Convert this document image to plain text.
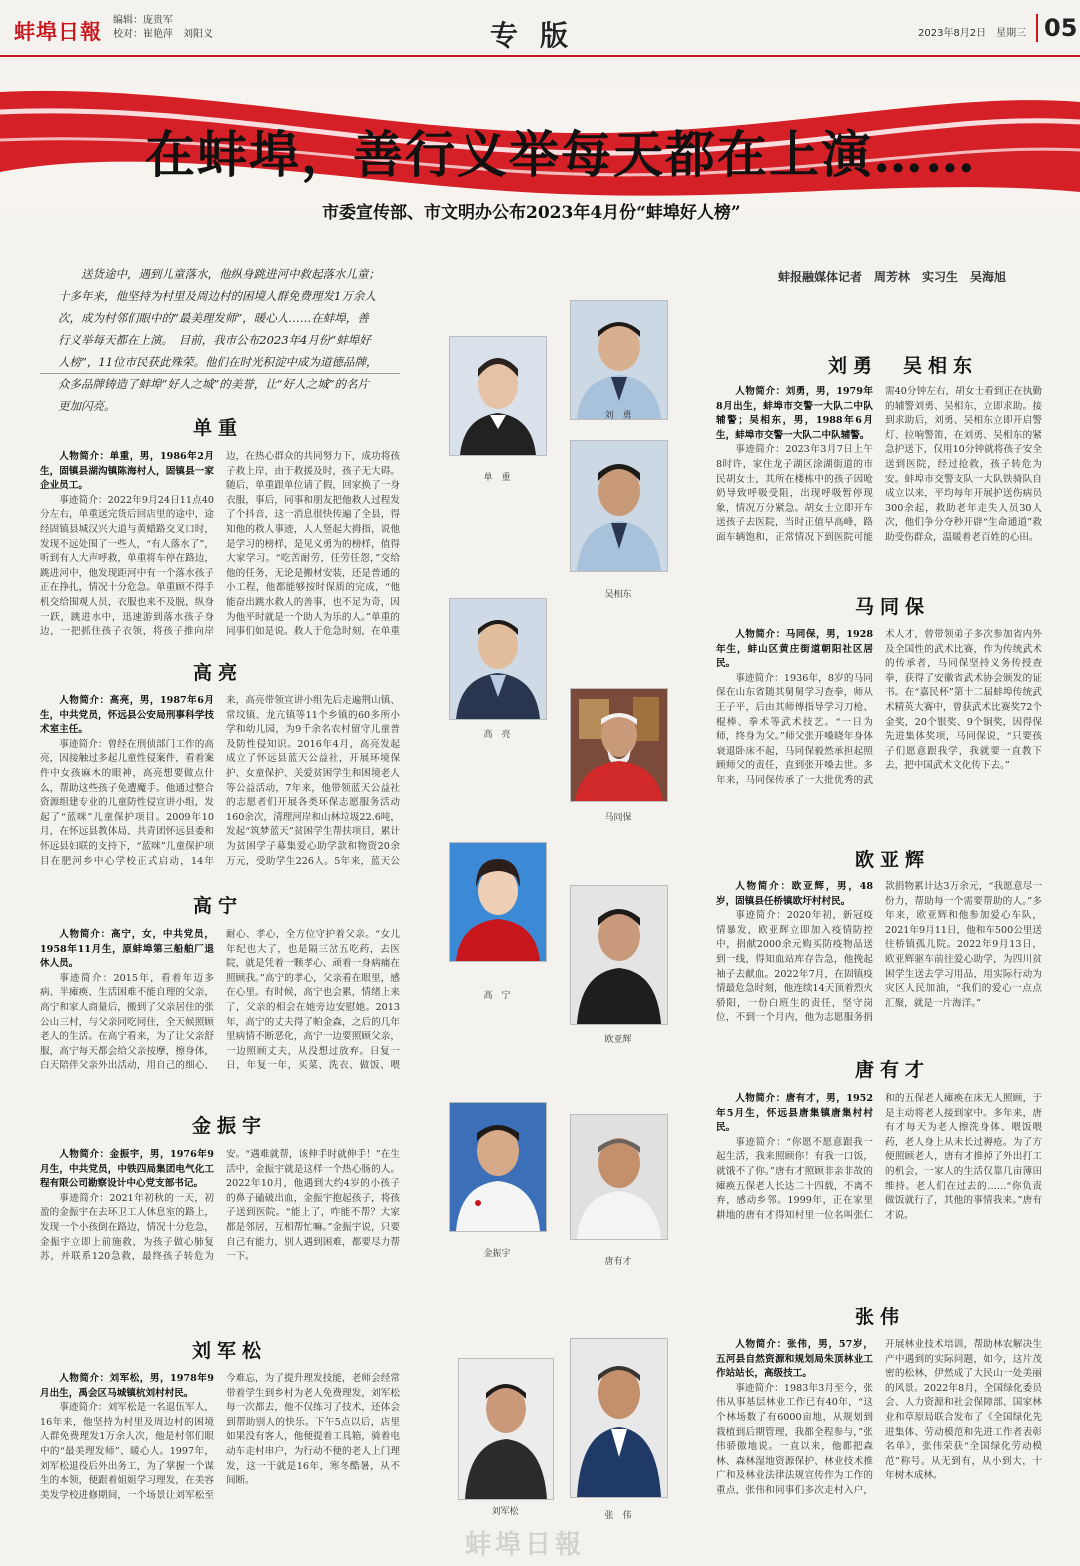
蚌埠日報 编辑：庞贵军
校对：崔艳萍　刘阳义	专版	2023年8月2日　星期三 05
在蚌埠，善行义举每天都在上演……
市委宣传部、市文明办公布2023年4月份“蚌埠好人榜”
送货途中，遇到儿童落水，他纵身跳进河中救起落水儿童；十多年来，他坚持为村里及周边村的困境人群免费理发1万余人次，成为村邻们眼中的“最美理发师”，暖心人……在蚌埠，善行义举每天都在上演。　目前，我市公布2023年4月份“蚌埠好人榜”，11位市民获此殊荣。他们在时光积淀中成为道德品牌，众多品牌铸造了蚌埠“好人之城”的美誉，让“好人之城”的名片更加闪亮。
蚌报融媒体记者　周芳林　实习生　吴海旭
单重

人物简介：单重，男，1986年2月生，固镇县湖沟镇陈海村人，固镇县一家企业员工。

事迹简介：2022年9月24日11点40分左右，单重送完货后回店里的途中，途经固镇县城汉兴大道与黄蜡路交叉口时，发现不远处围了一些人，“有人落水了”，听到有人大声呼救，单重将车停在路边，跳进河中，他发现距河中有一个落水孩子正在挣扎，情况十分危急。单重顾不得手机交给围观人员，衣服也来不及脱，纵身一跃，跳进水中，迅速游到落水孩子身边，一把抓住孩子衣领，将孩子推向岸边，在热心群众的共同努力下，成功将孩子救上岸，由于救援及时，孩子无大碍。随后，单重跟单位请了假，回家换了一身衣服，事后，同事和朋友把他救人过程发了个抖音，这一消息很快传遍了全县，得知他的救人事迹，人人竖起大拇指，说他是学习的榜样，是见义勇为的榜样，值得大家学习。“吃苦耐劳，任劳任怨，”交给他的任务，无论是搬材安装，还是普通的小工程，他都能够按时保质的完成，“他能奋出跳水救人的善事，也不足为奇，因为他平时就是一个助人为乐的人。”单重的同事们如是说。救人于危急时刻，在单重

高亮

人物简介：高亮，男，1987年6月生，中共党员，怀远县公安局刑事科学技术室主任。

事迹简介：曾经在刑侦部门工作的高亮，因接触过多起儿童性侵案件，看着案件中女孩麻木的眼神，高亮想要做点什么，帮助这些孩子免遭魔手。他通过整合资源组建专业的儿童防性侵宣讲小组，发起了“蓝咪”儿童保护项目。2009年10月，在怀远县教体局、共青团怀远县委和怀远县妇联的支持下，“蓝咪”儿童保护项目在肥河乡中心学校正式启动，14年来，高亮带领宣讲小组先后走遍荆山镇、常坟镇、龙亢镇等11个乡镇的60多所小学和幼儿园，为9千余名农村留守儿童普及防性侵知识。2016年4月，高亮发起成立了怀远县蓝天公益社，开展环境保护、女童保护、关爱贫困学生和困境老人等公益活动，7年来，他带领蓝天公益社的志愿者们开展各类环保志愿服务活动160余次，清理河岸和山林垃圾22.6吨，发起“筑梦蓝天”贫困学生帮扶项目，累计为贫困学子募集爱心助学款和物资20余万元，受助学生226人。5年来，蓝天公

高宁

人物简介：高宁，女，中共党员，1958年11月生，原蚌埠第三船舶厂退休人员。

事迹简介：2015年，看着年迈多病、半瘫痪、生活困难不能自理的父亲，高宁和家人商量后，搬到了父亲居住的张公山三村，与父亲同吃同住，全天候照顾老人的生活。在高宁看来，为了让父亲舒服，高宁每天都会给父亲按摩，擦身体，白天陪伴父亲外出活动，用自己的细心、耐心、孝心，全方位守护着父亲。“女儿年纪也大了，也是隔三岔五吃药，去医院，就是凭着一颗孝心、顽着一身病痛在照顾我。”高宁的孝心，父亲看在眼里，感在心里。有时候，高宁也会累，情绪上来了，父亲的相会在她旁边安慰她。2013年，高宁的丈夫得了帕金森，之后的几年里病情不断恶化，高宁一边要照顾父亲，一边照顾丈夫，从没想过放弃。日复一日，年复一年，买菜、洗衣、做饭、喂

金振宇

人物简介：金振宇，男，1976年9月生，中共党员，中铁四局集团电气化工程有限公司勘察设计中心党支部书记。

事迹简介：2021年初秋的一天，初盈的金振宇在去环卫工人休息室的路上，发现一个小孩倒在路边，情况十分危急，金振宇立即上前施救，为孩子做心肺复苏，并联系120急救，最终孩子转危为安。“遇难就帮，该伸手时就伸手！”在生活中，金振宇就是这样一个热心肠的人。2022年10月，他遇到大约4岁的小孩子的鼻子磕破出血，金振宇抱起孩子，将孩子送到医院。“能上了，咋能不帮？大家都是邻居，互相帮忙嘛。”金振宇说，只要自己有能力，别人遇到困难，都要尽力帮一下。

刘军松

人物简介：刘军松，男，1978年9月出生，禹会区马城镇杭刘村村民。

事迹简介：刘军松是一名退伍军人，16年来，他坚持为村里及周边村的困境人群免费理发1万余人次，他是村邻们眼中的“最美理发师”、暖心人。1997年，刘军松退役后外出务工，为了掌握一个谋生的本领，便跟着姐姐学习理发，在美容美发学校进修期间，一个场景让刘军松至今难忘，为了提升理发技能，老师会经常带着学生到乡村为老人免费理发，刘军松每一次都去，他不仅练习了技术，还体会到帮助别人的快乐。下午5点以后，店里如果没有客人，他便提着工具箱，骑着电动车走村串户，为行动不便的老人上门理发，这一干就是16年，寒冬酷暑，从不间断。

刘勇　吴相东

人物简介：刘勇，男，1979年8月出生，蚌埠市交警一大队二中队辅警；吴相东，男，1988年6月生，蚌埠市交警一大队二中队辅警。

事迹简介：2023年3月7日上午8时许，家住龙子湖区涂湖街道的市民胡女士，其所在楼栋中的孩子因呛奶导致呼吸受阻，出现呼吸暂停现象，情况万分紧急。胡女士立即开车送孩子去医院，当时正值早高峰，路面车辆饱和，正常情况下到医院可能需40分钟左右，胡女士看到正在执勤的辅警刘勇、吴相东，立即求助。接到求助后，刘勇、吴相东立即开启警灯、拉响警笛，在刘勇、吴相东的紧急护送下，仅用10分钟就将孩子安全送到医院，经过抢救，孩子转危为安。蚌埠市交警支队一大队铁骑队自成立以来，平均每年开展护送伤病员300余起，救助老年走失人员30人次，他们争分夺秒开辟“生命通道”救助受伤群众，温暖着老百姓的心田。

马同保

人物简介：马同保，男，1928年生，蚌山区黄庄街道朝阳社区居民。

事迹简介：1936年，8岁的马同保在山东省随其舅舅学习查拳，师从王子平，后由其师傅指导学习刀枪、棍棒、拳术等武术技艺。“一日为师，终身为父。”师父张开嗓晓年身体衰退卧床不起，马同保毅然承担起照顾师父的责任，直到张开嗓去世。多年来，马同保传承了一大批优秀的武术人才，曾带领弟子多次参加省内外及全国性的武术比赛，作为传统武术的传承者，马同保坚持义务传授查拳，获得了安徽省武术协会颁发的证书。在“嘉民杯”第十二届蚌埠传统武术精英大赛中，曾获武术比赛奖72个金奖，20个银奖、9个铜奖，因得保先进集体奖项，马同保说，“只要孩子们愿意跟我学，我就要一直教下去，把中国武术文化传下去。”

欧亚辉

人物简介：欧亚辉，男，48岁，固镇县任桥镇欧圩村村民。

事迹简介：2020年初，新冠疫情暴发，欧亚辉立即加入疫情防控中，捐献2000余元购买防疫物品送到一线，得知血站库存告急，他挽起袖子去献血。2022年7月，在固镇疫情最危急时刻，他连续14天顶着烈火骄阳，一份白班生的责任，坚守岗位，不到一个月内，他为志愿服务捐款捐物累计达3万余元，“我愿意尽一份力，帮助每一个需要帮助的人。”多年来，欧亚辉和他参加爱心车队，2021年9月11日，他和车500公里送往桥镇孤儿院。2022年9月13日，欧亚辉驱车前往爱心助学，为四川贫困学生送去学习用品，用实际行动为灾区人民加油，“我们的爱心一点点汇聚，就是一片海洋。”

唐有才

人物简介：唐有才，男，1952年5月生，怀远县唐集镇唐集村村民。

事迹简介：“你愿不愿意跟我一起生活，我来照顾你！有我一口饭，就饿不了你。”唐有才照顾非亲非故的瘫痪五保老人长达二十四载，不离不弃，感动乡邻。1999年，正在家里耕地的唐有才得知村里一位名叫张仁和的五保老人瘫痪在床无人照顾，于是主动将老人接到家中。多年来，唐有才每天为老人擦洗身体、喂饭喂药，老人身上从未长过褥疮。为了方便照顾老人，唐有才推掉了外出打工的机会，一家人的生活仅靠几亩薄田维持。老人们在过去的……“你负责做饭就行了，其他的事情我来。”唐有才说。

张伟

人物简介：张伟，男，57岁，五河县自然资源和规划局朱顶林业工作站站长，高级技工。

事迹简介：1983年3月至今，张伟从事基层林业工作已有40年，“这个林场数了有6000亩地，从规划到栽植到后期管理，我都全程参与，”张伟骄傲地说。一直以来，他都把森林、森林湿地资源保护、林业技术推广和及林业法律法规宣传作为工作的重点，张伟和同事们多次走村入户，开展林业技术培训，帮助林农解决生产中遇到的实际问题，如今，这片茂密的松林，伊然成了大民山一处美丽的风景。2022年8月，全国绿化委员会、人力资源和社会保障部、国家林业和草原局联合发布了《全国绿化先进集体、劳动模范和先进工作者表彰名单》，张伟荣获“全国绿化劳动模范”称号。从无到有，从小到大，十年树木成林。

单　重
刘　勇
吴相东
高　亮
马同保
高　宁
欧亚辉
金振宇
唐有才
刘军松	张　伟
蚌埠日報
